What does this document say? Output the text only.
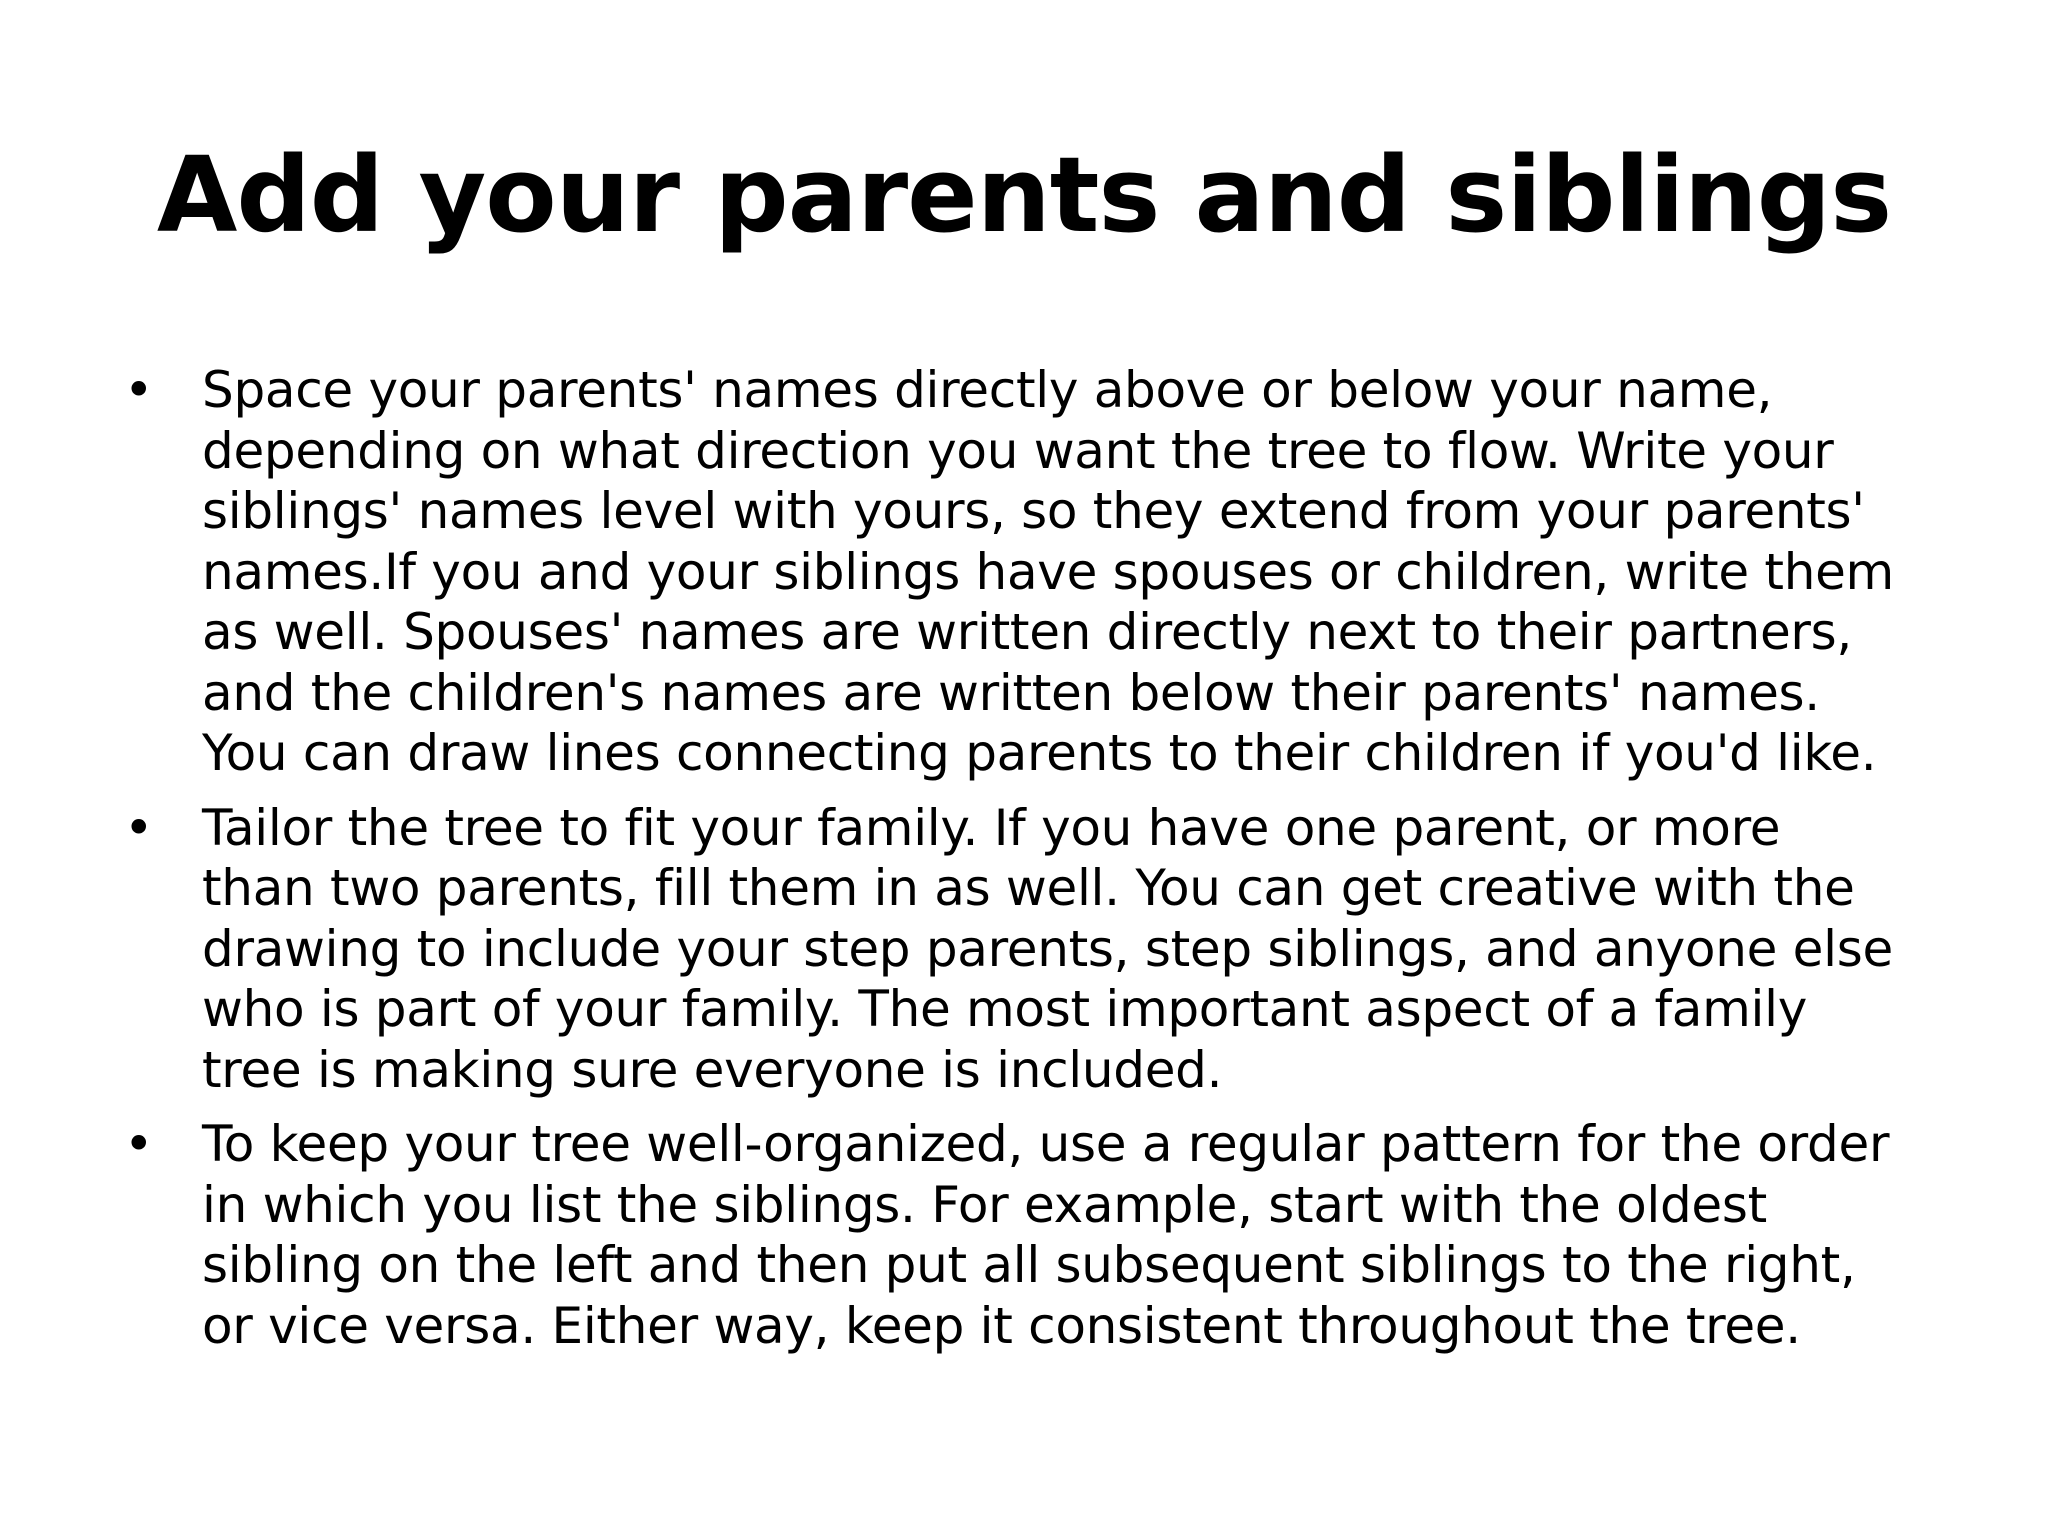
Add your parents and siblings
• Space your parents' names directly above or below your name,
depending on what direction you want the tree to flow. Write your
siblings' names level with yours, so they extend from your parents'
names.If you and your siblings have spouses or children, write them
as well. Spouses' names are written directly next to their partners,
and the children's names are written below their parents' names.
You can draw lines connecting parents to their children if you'd like.
• Tailor the tree to fit your family. If you have one parent, or more
than two parents, fill them in as well. You can get creative with the
drawing to include your step parents, step siblings, and anyone else
who is part of your family. The most important aspect of a family
tree is making sure everyone is included.
• To keep your tree well-organized, use a regular pattern for the order
in which you list the siblings. For example, start with the oldest
sibling on the left and then put all subsequent siblings to the right,
or vice versa. Either way, keep it consistent throughout the tree.
